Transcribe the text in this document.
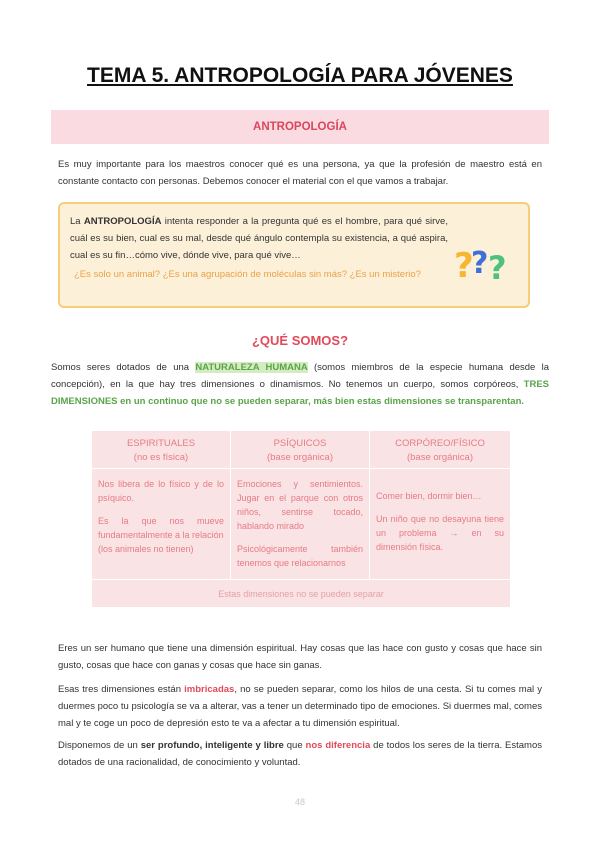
TEMA 5. ANTROPOLOGÍA PARA JÓVENES
ANTROPOLOGÍA

Es muy importante para los maestros conocer qué es una persona, ya que la profesión de maestro está en constante contacto con personas. Debemos conocer el material con el que vamos a trabajar.

La ANTROPOLOGÍA intenta responder a la pregunta qué es el hombre, para qué sirve, cuál es su bien, cual es su mal, desde qué ángulo contempla su existencia, a qué aspira, cual es su fin…cómo vive, dónde vive, para qué vive…

¿Es solo un animal? ¿Es una agrupación de moléculas sin más? ¿Es un misterio? ?
? ?
¿QUÉ SOMOS?

Somos seres dotados de una NATURALEZA HUMANA (somos miembros de la especie humana desde la concepción), en la que hay tres dimensiones o dinamismos. No tenemos un cuerpo, somos corpóreos, TRES DIMENSIONES en un continuo que no se pueden separar, más bien estas dimensiones se transparentan.

ESPIRITUALES
(no es física)

Nos libera de lo físico y de lo psíquico.

Es la que nos mueve fundamentalmente a la relación

(los animales no tienen)

PSÍQUICOS
(base orgánica)

Emociones y sentimientos. Jugar en el parque con otros niños, sentirse tocado, hablando mirado

Psicológicamente también tenemos que relacionarnos

CORPÓREO/FÍSICO
(base orgánica)

Comer bien, dormir bien…

Un niño que no desayuna tiene un problema → en su dimensión física.

Estas dimensiones no se pueden separar

Eres un ser humano que tiene una dimensión espiritual. Hay cosas que las hace con gusto y cosas que hace sin gusto, cosas que hace con ganas y cosas que hace sin ganas.

Esas tres dimensiones están imbricadas, no se pueden separar, como los hilos de una cesta. Si tu comes mal y duermes poco tu psicología se va a alterar, vas a tener un determinado tipo de emociones. Si duermes mal, comes mal y te coge un poco de depresión esto te va a afectar a tu dimensión espiritual.

Disponemos de un ser profundo, inteligente y libre que nos diferencia de todos los seres de la tierra. Estamos dotados de una racionalidad, de conocimiento y voluntad.

48
